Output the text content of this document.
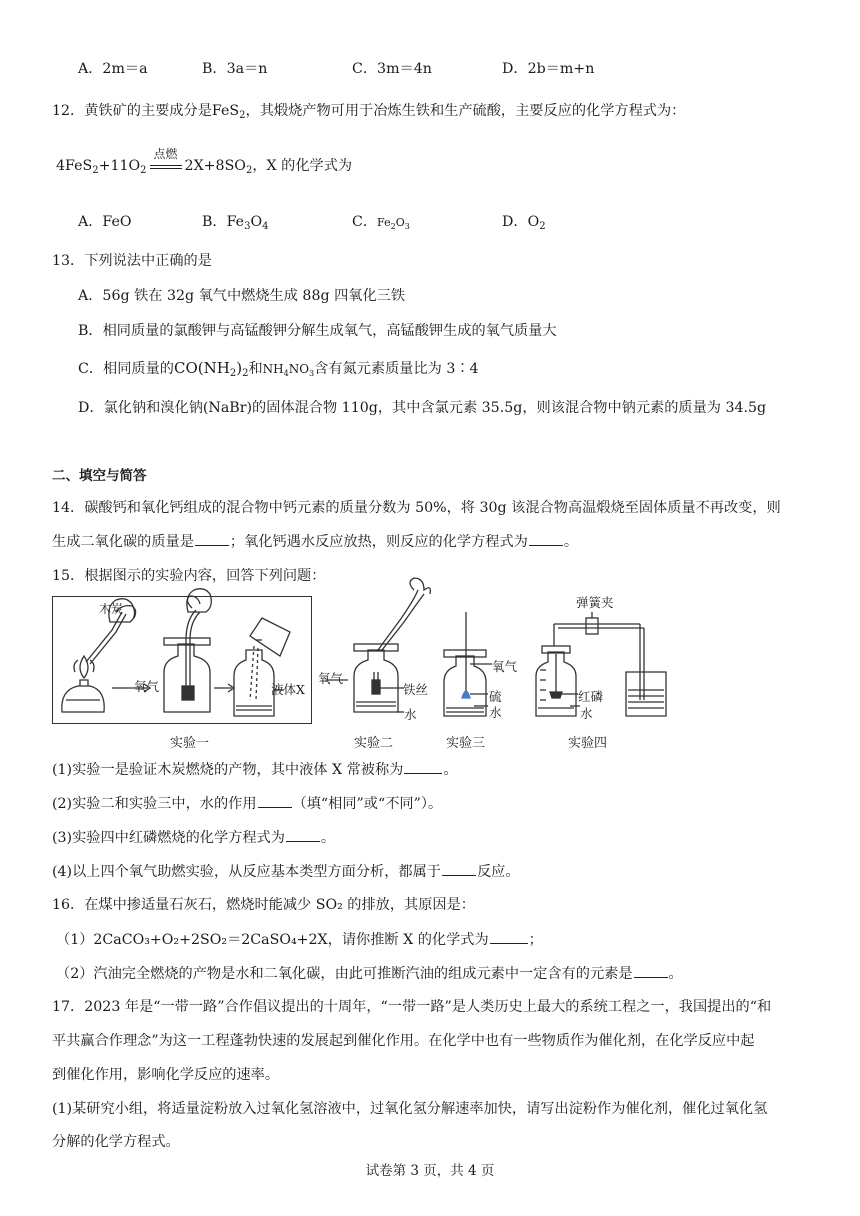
A．2m＝a	B．3a＝n	C．3m＝4n	D．2b＝m+n
12．黄铁矿的主要成分是FeS$_2$，其煅烧产物可用于冶炼生铁和生产硫酸，主要反应的化学方程式为：
$4FeS_2+11O_2$
点燃
$2X+8SO_2$，X 的化学式为
A．FeO	B．$Fe_3O_4$	C．$Fe_2O_3$	D．$O_2$
13．下列说法中正确的是
A．56g 铁在 32g 氧气中燃烧生成 88g 四氧化三铁
B．相同质量的氯酸钾与高锰酸钾分解生成氧气，高锰酸钾生成的氧气质量大
C．相同质量的$CO(NH_2)_2$和$NH_4NO_3$含有氮元素质量比为 3∶4
D．氯化钠和溴化钠(NaBr)的固体混合物 110g，其中含氯元素 35.5g，则该混合物中钠元素的质量为 34.5g
二、填空与简答
14．碳酸钙和氧化钙组成的混合物中钙元素的质量分数为 50%，将 30g 该混合物高温煅烧至固体质量不再改变，则
生成二氧化碳的质量是	；氧化钙遇水反应放热，则反应的化学方程式为	。
15．根据图示的实验内容，回答下列问题：
木炭
氧气	液体X
氧气
铁丝
水
氧气
硫
水
弹簧夹
红磷
水
实验一	实验二	实验三	实验四
(1)实验一是验证木炭燃烧的产物，其中液体 X 常被称为	。
(2)实验二和实验三中，水的作用	（填“相同”或“不同”）。
(3)实验四中红磷燃烧的化学方程式为	。
(4)以上四个氧气助燃实验，从反应基本类型方面分析，都属于	反应。
16．在煤中掺适量石灰石，燃烧时能减少 SO₂ 的排放，其原因是：
（1）2CaCO₃+O₂+2SO₂＝2CaSO₄+2X，请你推断 X 的化学式为	；
（2）汽油完全燃烧的产物是水和二氧化碳，由此可推断汽油的组成元素中一定含有的元素是	。
17．2023 年是“一带一路”合作倡议提出的十周年，“一带一路”是人类历史上最大的系统工程之一，我国提出的“和
平共赢合作理念”为这一工程蓬勃快速的发展起到催化作用。在化学中也有一些物质作为催化剂，在化学反应中起
到催化作用，影响化学反应的速率。
(1)某研究小组，将适量淀粉放入过氧化氢溶液中，过氧化氢分解速率加快，请写出淀粉作为催化剂，催化过氧化氢
分解的化学方程式。
试卷第 3 页，共 4 页
